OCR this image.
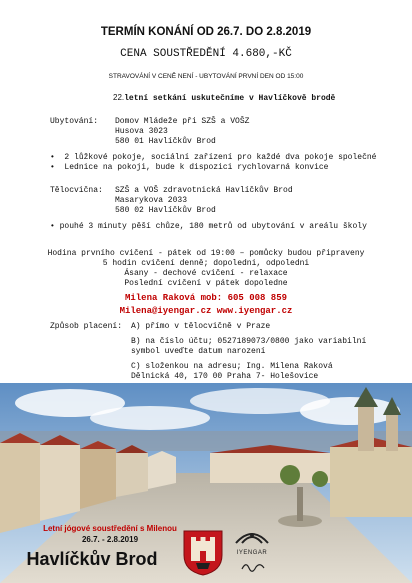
TERMÍN KONÁNÍ OD 26.7. DO 2.8.2019
CENA SOUSTŘEDĚNÍ 4.680,-KČ
STRAVOVÁNÍ V CENĚ NENÍ - UBYTOVÁNÍ PRVNÍ DEN OD 15:00
22.letní setkání uskutečníme v Havlíčkově brodě
Ubytování: Domov Mládeže při SZŠ a VOŠZ
Husova 3023
580 01 Havlíčkův Brod
• 2 lůžkové pokoje, sociální zařízení pro každé dva pokoje společné
• Lednice na pokoji, bude k dispozici rychlovarná konvice
Tělocvična: SZŠ a VOŠ zdravotnická Havlíčkův Brod
Masarykova 2033
580 02 Havlíčkův Brod
• pouhé 3 minuty pěší chůze, 180 metrů od ubytování v areálu školy
Hodina prvního cvičení - pátek od 19:00 – pomůcky budou připraveny
5 hodin cvičení denně; dopoledni, odpoledni
Ásany - dechové cvičení - relaxace
Poslední cvičení v pátek dopoledne
Milena Raková mob: 605 008 859
Milena@iyengar.cz www.iyengar.cz
Způsob placení: A) přímo v tělocvičně v Praze
B) na číslo účtu; 0527189073/0800 jako variabilní
symbol uveďte datum narození
C) složenkou na adresu; Ing. Milena Raková
Dělnická 40, 170 00 Praha 7- Holešovice
Letní jógové soustředění s Milenou
26.7. - 2.8.2019
Havlíčkův Brod	IYENGAR
